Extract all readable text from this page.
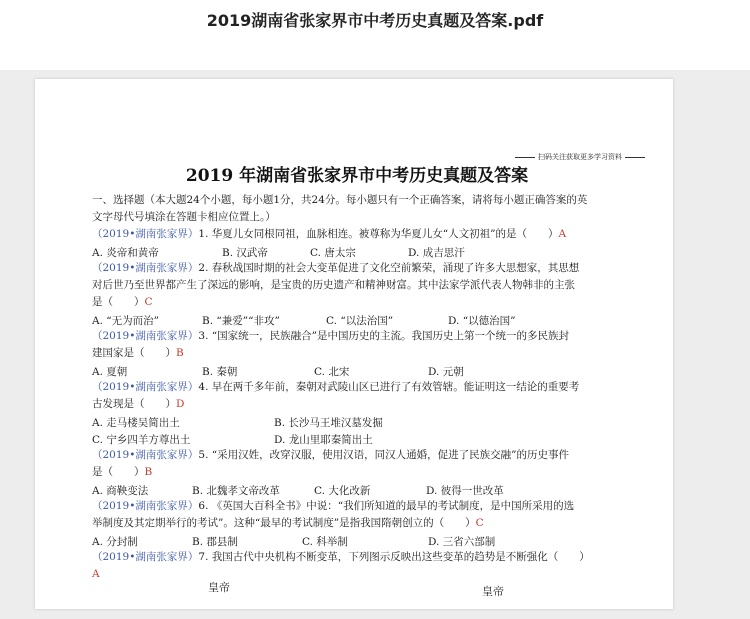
2019湖南省张家界市中考历史真题及答案.pdf
扫码关注获取更多学习资料
2019 年湖南省张家界市中考历史真题及答案
一、选择题（本大题24个小题，每小题1分，共24分。每小题只有一个正确答案，请将每小题正确答案的英
文字母代号填涂在答题卡相应位置上。）
（2019•湖南张家界）1. 华夏儿女同根同祖，血脉相连。被尊称为华夏儿女“人文初祖”的是（　　）A
A. 炎帝和黄帝	B. 汉武帝	C. 唐太宗	D. 成吉思汗
（2019•湖南张家界）2. 春秋战国时期的社会大变革促进了文化空前繁荣，涌现了许多大思想家，其思想
对后世乃至世界都产生了深远的影响，是宝贵的历史遗产和精神财富。其中法家学派代表人物韩非的主张
是（　　）C
A. “无为而治”	B. “兼爱”“非攻”	C. “以法治国”	D. “以德治国”
（2019•湖南张家界）3. “国家统一，民族融合”是中国历史的主流。我国历史上第一个统一的多民族封
建国家是（　　）B
A. 夏朝	B. 秦朝	C. 北宋	D. 元朝
（2019•湖南张家界）4. 早在两千多年前，秦朝对武陵山区已进行了有效管辖。能证明这一结论的重要考
古发现是（　　）D
A. 走马楼吴简出土	B. 长沙马王堆汉墓发掘
C. 宁乡四羊方尊出土	D. 龙山里耶秦简出土
（2019•湖南张家界）5. “采用汉姓，改穿汉服，使用汉语，同汉人通婚，促进了民族交融”的历史事件
是（　　）B
A. 商鞅变法	B. 北魏孝文帝改革	C. 大化改新	D. 彼得一世改革
（2019•湖南张家界）6. 《英国大百科全书》中说：“我们所知道的最早的考试制度，是中国所采用的选
举制度及其定期举行的考试”。这种“最早的考试制度”是指我国隋朝创立的（　　）C
A. 分封制	B. 郡县制	C. 科举制	D. 三省六部制
（2019•湖南张家界）7. 我国古代中央机构不断变革，下列图示反映出这些变革的趋势是不断强化（　　）
A
皇帝	皇帝
